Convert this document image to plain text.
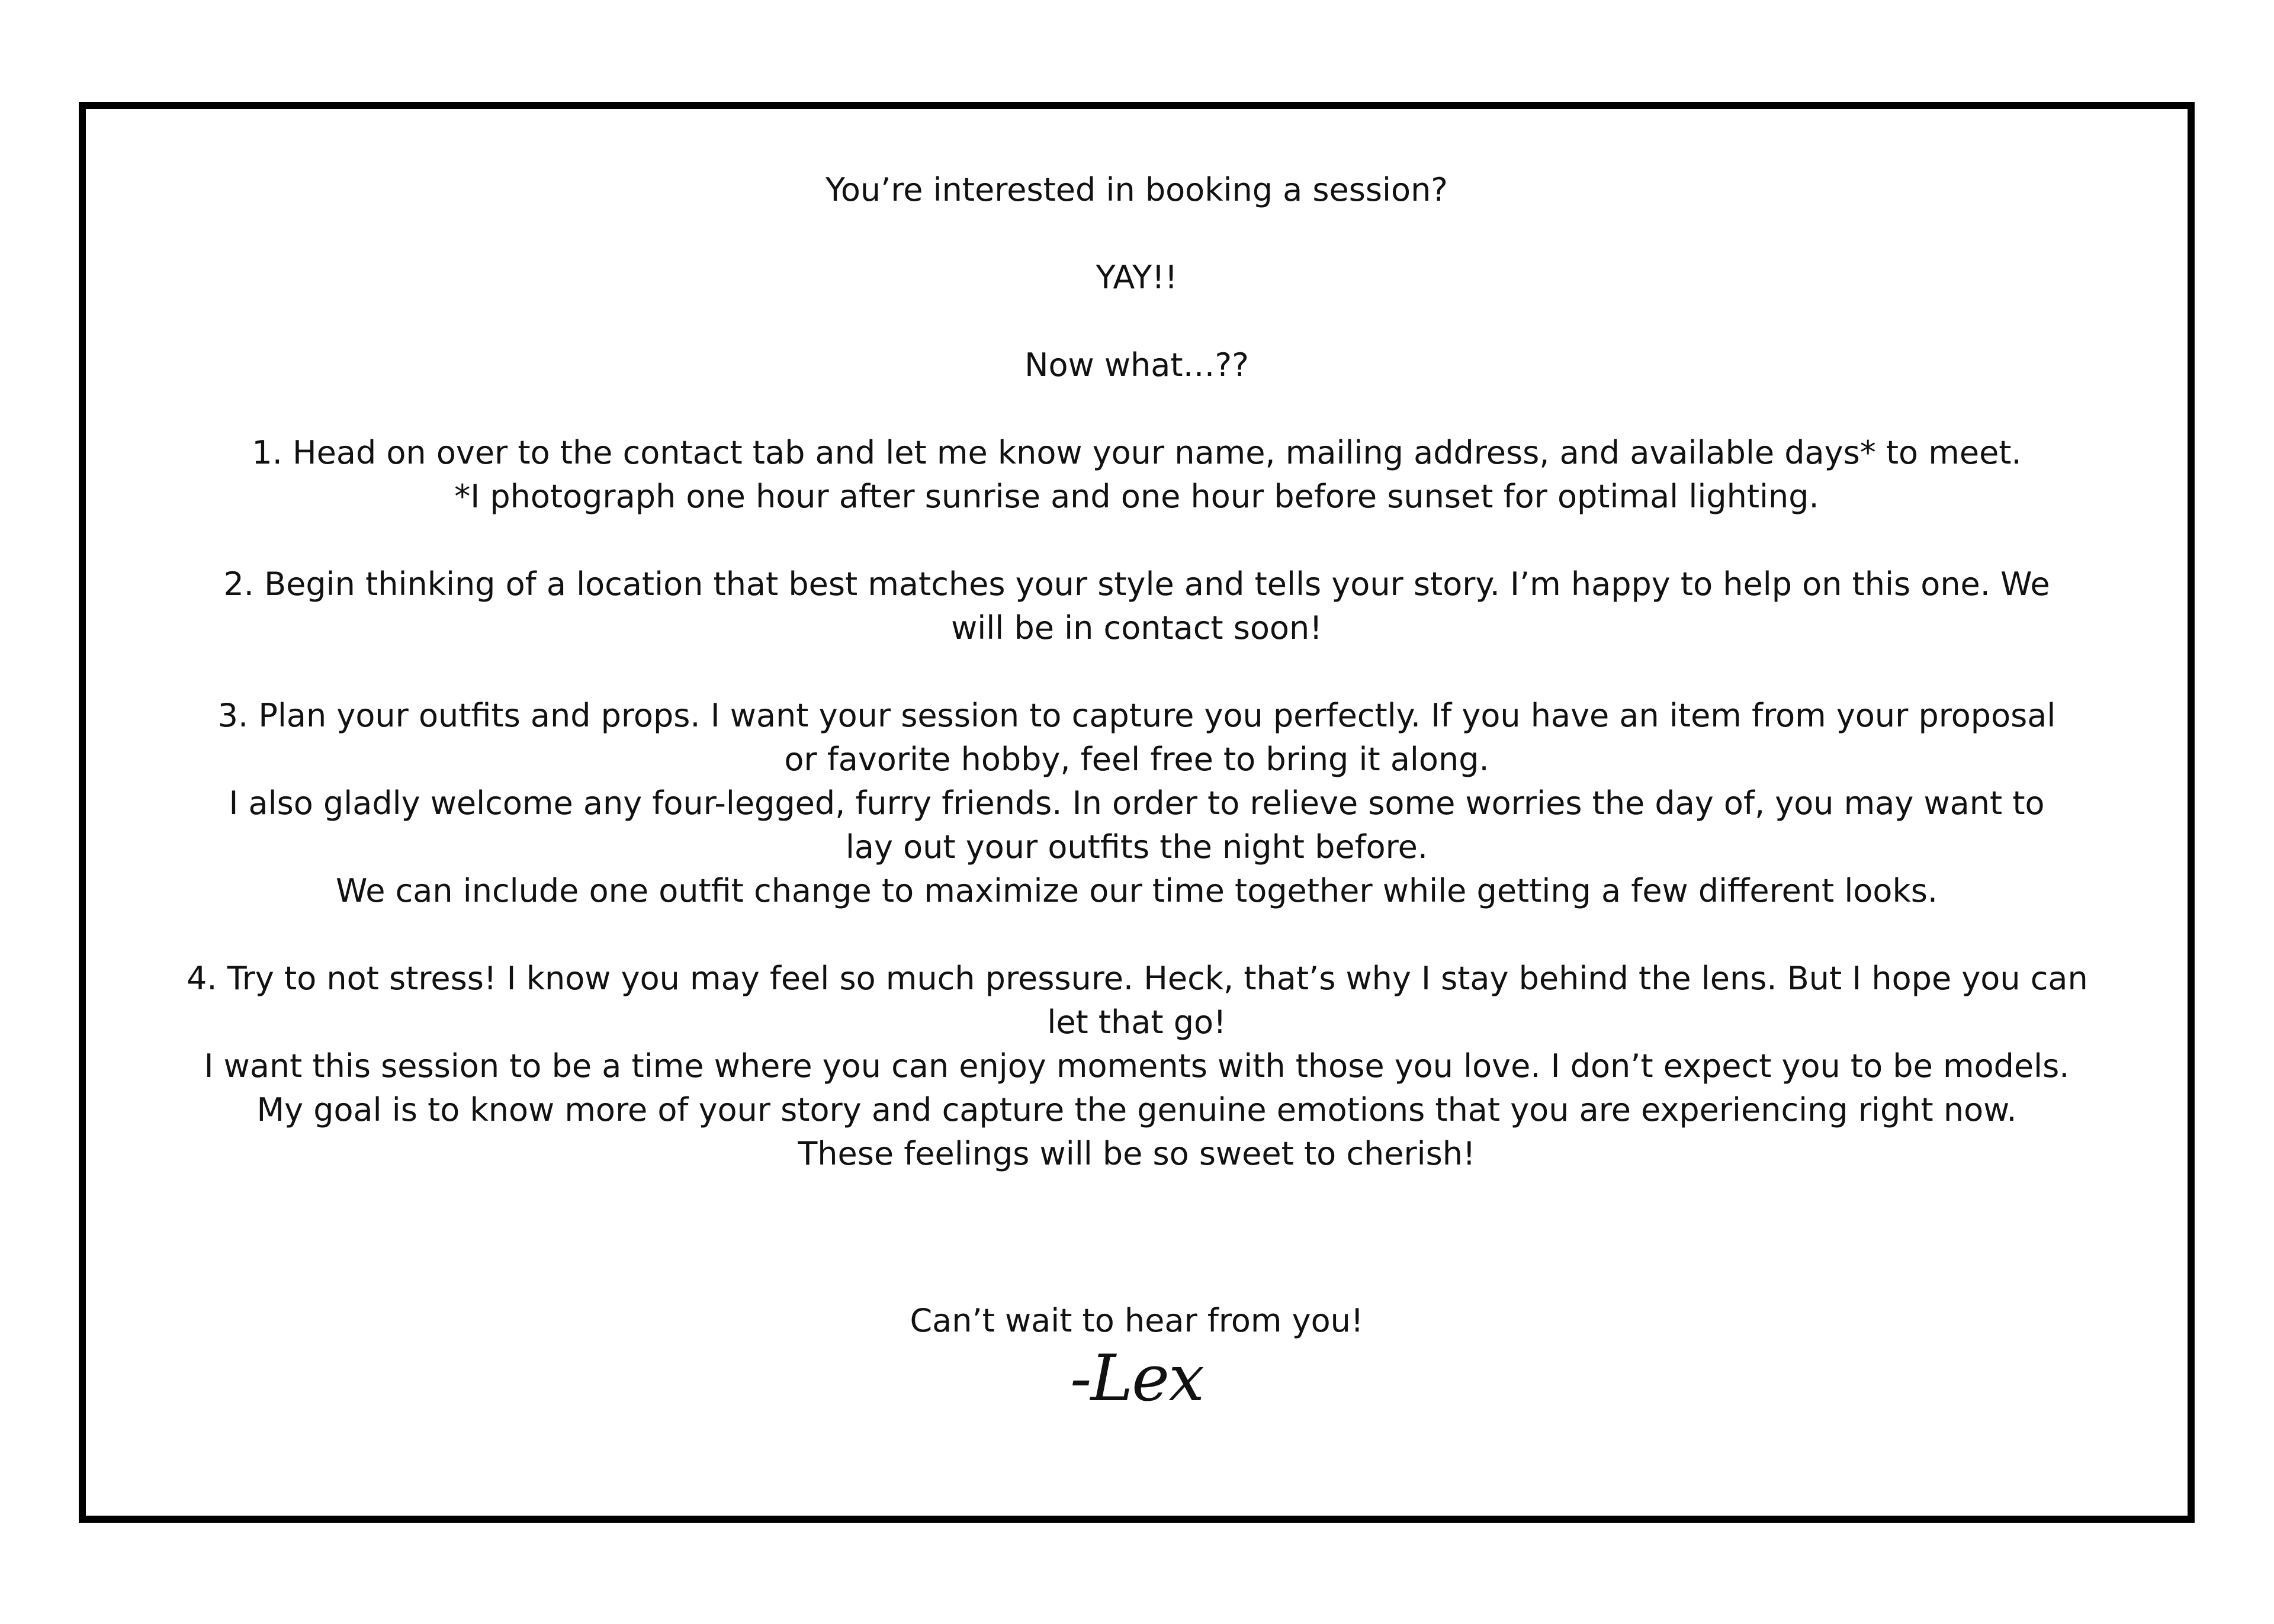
You’re interested in booking a session?
YAY!!
Now what…??
1. Head on over to the contact tab and let me know your name, mailing address, and available days* to meet.
*I photograph one hour after sunrise and one hour before sunset for optimal lighting.
2. Begin thinking of a location that best matches your style and tells your story. I’m happy to help on this one. We
will be in contact soon!
3. Plan your outfits and props. I want your session to capture you perfectly. If you have an item from your proposal
or favorite hobby, feel free to bring it along.
I also gladly welcome any four-legged, furry friends. In order to relieve some worries the day of, you may want to
lay out your outfits the night before.
We can include one outfit change to maximize our time together while getting a few different looks.
4. Try to not stress! I know you may feel so much pressure. Heck, that’s why I stay behind the lens. But I hope you can
let that go!
I want this session to be a time where you can enjoy moments with those you love. I don’t expect you to be models.
My goal is to know more of your story and capture the genuine emotions that you are experiencing right now.
These feelings will be so sweet to cherish!
Can’t wait to hear from you!
-Lex
